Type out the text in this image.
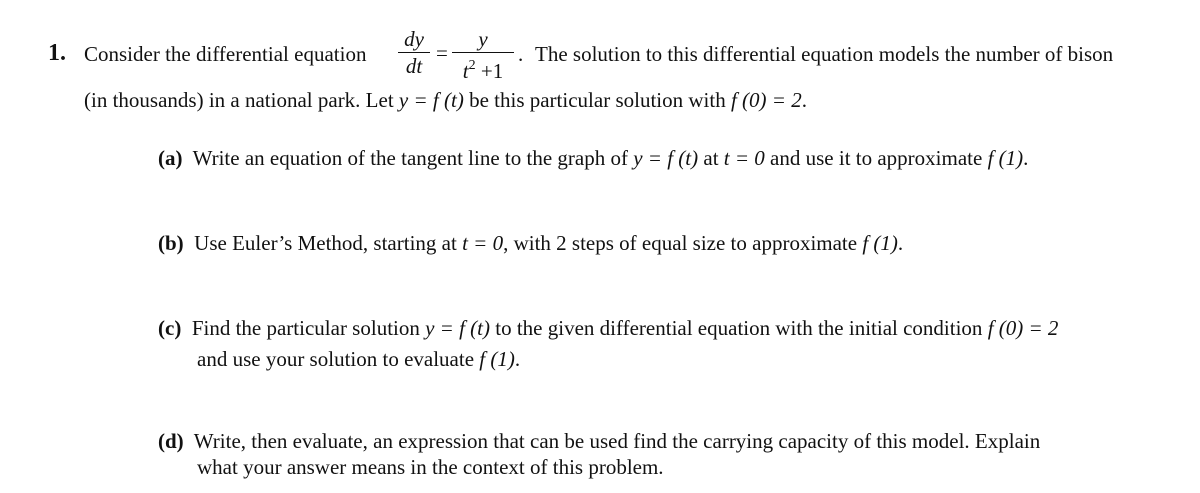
1. Consider the differential equation
dy
dt
=
y
$t^2 +1$
. The solution to this differential equation models the number of bison
(in thousands) in a national park. Let y = f (t) be this particular solution with f (0) = 2.
(a) Write an equation of the tangent line to the graph of y = f (t) at t = 0 and use it to approximate f (1).
(b) Use Euler’s Method, starting at t = 0, with 2 steps of equal size to approximate f (1).
(c) Find the particular solution y = f (t) to the given differential equation with the initial condition f (0) = 2
and use your solution to evaluate f (1).
(d) Write, then evaluate, an expression that can be used find the carrying capacity of this model. Explain
what your answer means in the context of this problem.
